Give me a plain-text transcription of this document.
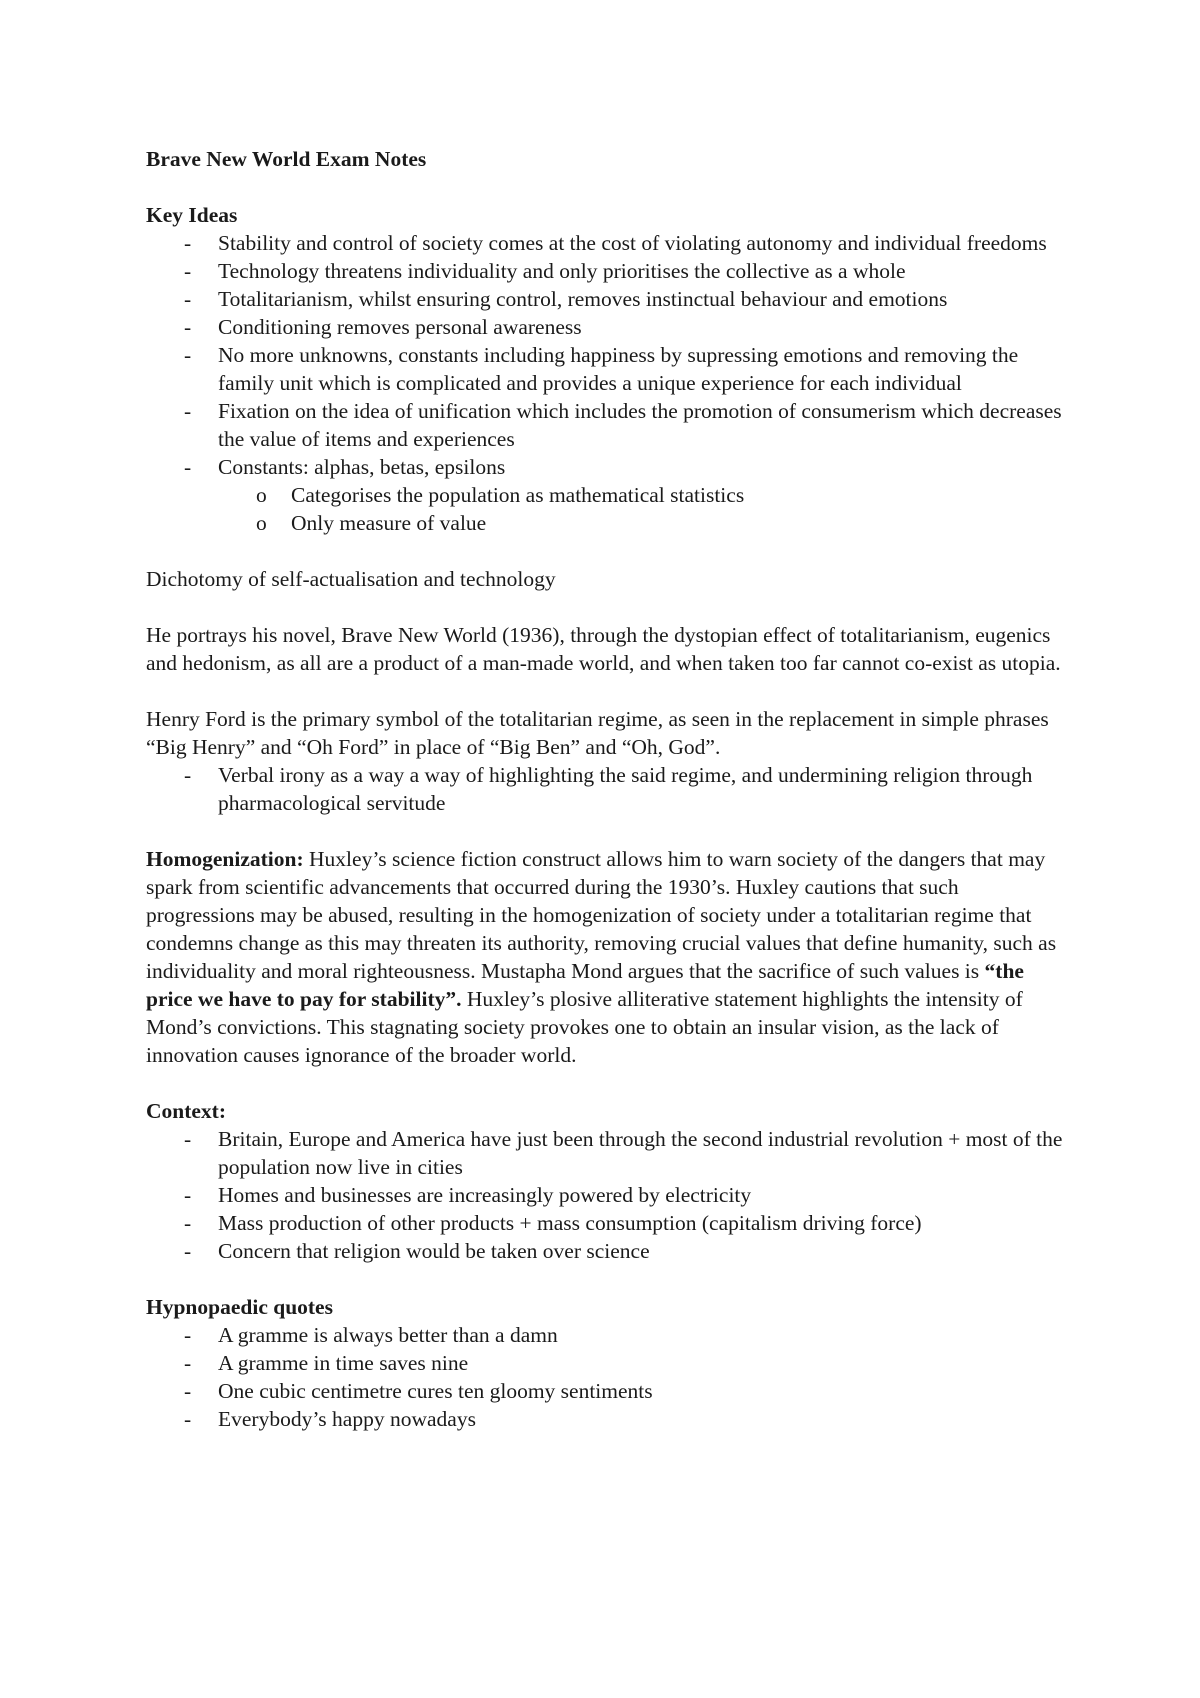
Brave New World Exam Notes

Key Ideas

- Stability and control of society comes at the cost of violating autonomy and individual freedoms
- Technology threatens individuality and only prioritises the collective as a whole
- Totalitarianism, whilst ensuring control, removes instinctual behaviour and emotions
- Conditioning removes personal awareness
- No more unknowns, constants including happiness by supressing emotions and removing the family unit which is complicated and provides a unique experience for each individual
- Fixation on the idea of unification which includes the promotion of consumerism which decreases the value of items and experiences
- Constants: alphas, betas, epsilons
o Categorises the population as mathematical statistics
o Only measure of value

Dichotomy of self-actualisation and technology

He portrays his novel, Brave New World (1936), through the dystopian effect of totalitarianism, eugenics and hedonism, as all are a product of a man-made world, and when taken too far cannot co-exist as utopia.

Henry Ford is the primary symbol of the totalitarian regime, as seen in the replacement in simple phrases “Big Henry” and “Oh Ford” in place of “Big Ben” and “Oh, God”.

- Verbal irony as a way a way of highlighting the said regime, and undermining religion through pharmacological servitude

Homogenization: Huxley’s science fiction construct allows him to warn society of the dangers that may spark from scientific advancements that occurred during the 1930’s. Huxley cautions that such progressions may be abused, resulting in the homogenization of society under a totalitarian regime that condemns change as this may threaten its authority, removing crucial values that define humanity, such as individuality and moral righteousness. Mustapha Mond argues that the sacrifice of such values is “the price we have to pay for stability”. Huxley’s plosive alliterative statement highlights the intensity of Mond’s convictions. This stagnating society provokes one to obtain an insular vision, as the lack of innovation causes ignorance of the broader world.

Context:

- Britain, Europe and America have just been through the second industrial revolution + most of the population now live in cities
- Homes and businesses are increasingly powered by electricity
- Mass production of other products + mass consumption (capitalism driving force)
- Concern that religion would be taken over science

Hypnopaedic quotes

- A gramme is always better than a damn
- A gramme in time saves nine
- One cubic centimetre cures ten gloomy sentiments
- Everybody’s happy nowadays
